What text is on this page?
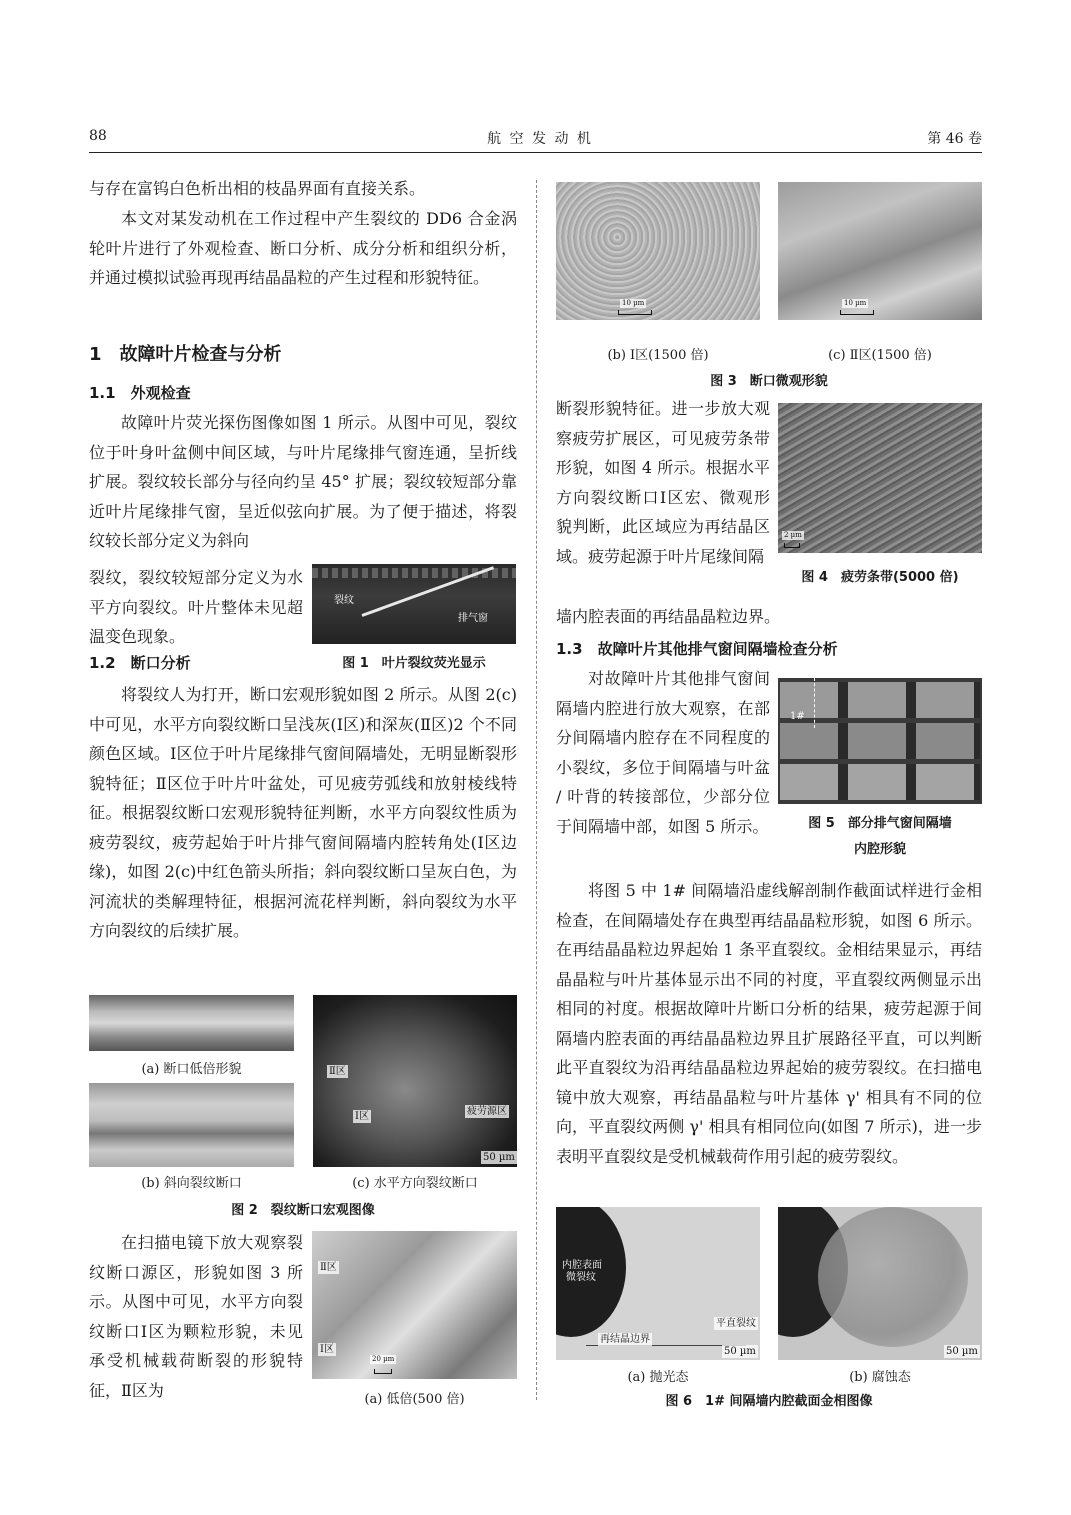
88	航 空 发 动 机	第 46 卷

与存在富钨白色析出相的枝晶界面有直接关系。

本文对某发动机在工作过程中产生裂纹的 DD6 合金涡轮叶片进行了外观检查、断口分析、成分分析和组织分析，并通过模拟试验再现再结晶晶粒的产生过程和形貌特征。

1　故障叶片检查与分析
1.1　外观检查

故障叶片荧光探伤图像如图 1 所示。从图中可见，裂纹位于叶身叶盆侧中间区域，与叶片尾缘排气窗连通，呈折线扩展。裂纹较长部分与径向约呈 45° 扩展；裂纹较短部分靠近叶片尾缘排气窗，呈近似弦向扩展。为了便于描述，将裂纹较长部分定义为斜向

裂纹，裂纹较短部分定义为水平方向裂纹。叶片整体未见超温变色现象。

1.2　断口分析
裂纹
排气窗
图 1　叶片裂纹荧光显示

将裂纹人为打开，断口宏观形貌如图 2 所示。从图 2(c)中可见，水平方向裂纹断口呈浅灰(Ⅰ区)和深灰(Ⅱ区)2 个不同颜色区域。Ⅰ区位于叶片尾缘排气窗间隔墙处，无明显断裂形貌特征；Ⅱ区位于叶片叶盆处，可见疲劳弧线和放射棱线特征。根据裂纹断口宏观形貌特征判断，水平方向裂纹性质为疲劳裂纹，疲劳起始于叶片排气窗间隔墙内腔转角处(Ⅰ区边缘)，如图 2(c)中红色箭头所指；斜向裂纹断口呈灰白色，为河流状的类解理特征，根据河流花样判断，斜向裂纹为水平方向裂纹的后续扩展。

(a) 断口低倍形貌
(b) 斜向裂纹断口
Ⅱ区
Ⅰ区	疲劳源区
50 µm
(c) 水平方向裂纹断口
图 2　裂纹断口宏观图像

在扫描电镜下放大观察裂纹断口源区，形貌如图 3 所示。从图中可见，水平方向裂纹断口Ⅰ区为颗粒形貌，未见承受机械载荷断裂的形貌特征，Ⅱ区为

Ⅱ区
Ⅰ区
20 µm
(a) 低倍(500 倍)
10 µm	10 µm
(b) Ⅰ区(1500 倍)	(c) Ⅱ区(1500 倍)
图 3　断口微观形貌

断裂形貌特征。进一步放大观察疲劳扩展区，可见疲劳条带形貌，如图 4 所示。根据水平方向裂纹断口Ⅰ区宏、微观形貌判断，此区域应为再结晶区域。疲劳起源于叶片尾缘间隔

2 µm
图 4　疲劳条带(5000 倍)

墙内腔表面的再结晶晶粒边界。

1.3　故障叶片其他排气窗间隔墙检查分析

对故障叶片其他排气窗间隔墙内腔进行放大观察，在部分间隔墙内腔存在不同程度的小裂纹，多位于间隔墙与叶盆 / 叶背的转接部位，少部分位于间隔墙中部，如图 5 所示。

1#
图 5　部分排气窗间隔墙
内腔形貌

将图 5 中 1# 间隔墙沿虚线解剖制作截面试样进行金相检查，在间隔墙处存在典型再结晶晶粒形貌，如图 6 所示。在再结晶晶粒边界起始 1 条平直裂纹。金相结果显示，再结晶晶粒与叶片基体显示出不同的衬度，平直裂纹两侧显示出相同的衬度。根据故障叶片断口分析的结果，疲劳起源于间隔墙内腔表面的再结晶晶粒边界且扩展路径平直，可以判断此平直裂纹为沿再结晶晶粒边界起始的疲劳裂纹。在扫描电镜中放大观察，再结晶晶粒与叶片基体 γ' 相具有不同的位向，平直裂纹两侧 γ' 相具有相同位向(如图 7 所示)，进一步表明平直裂纹是受机械载荷作用引起的疲劳裂纹。

内腔表面
微裂纹
再结晶边界
平直裂纹
50 µm	50 µm
(a) 抛光态	(b) 腐蚀态
图 6　1# 间隔墙内腔截面金相图像
